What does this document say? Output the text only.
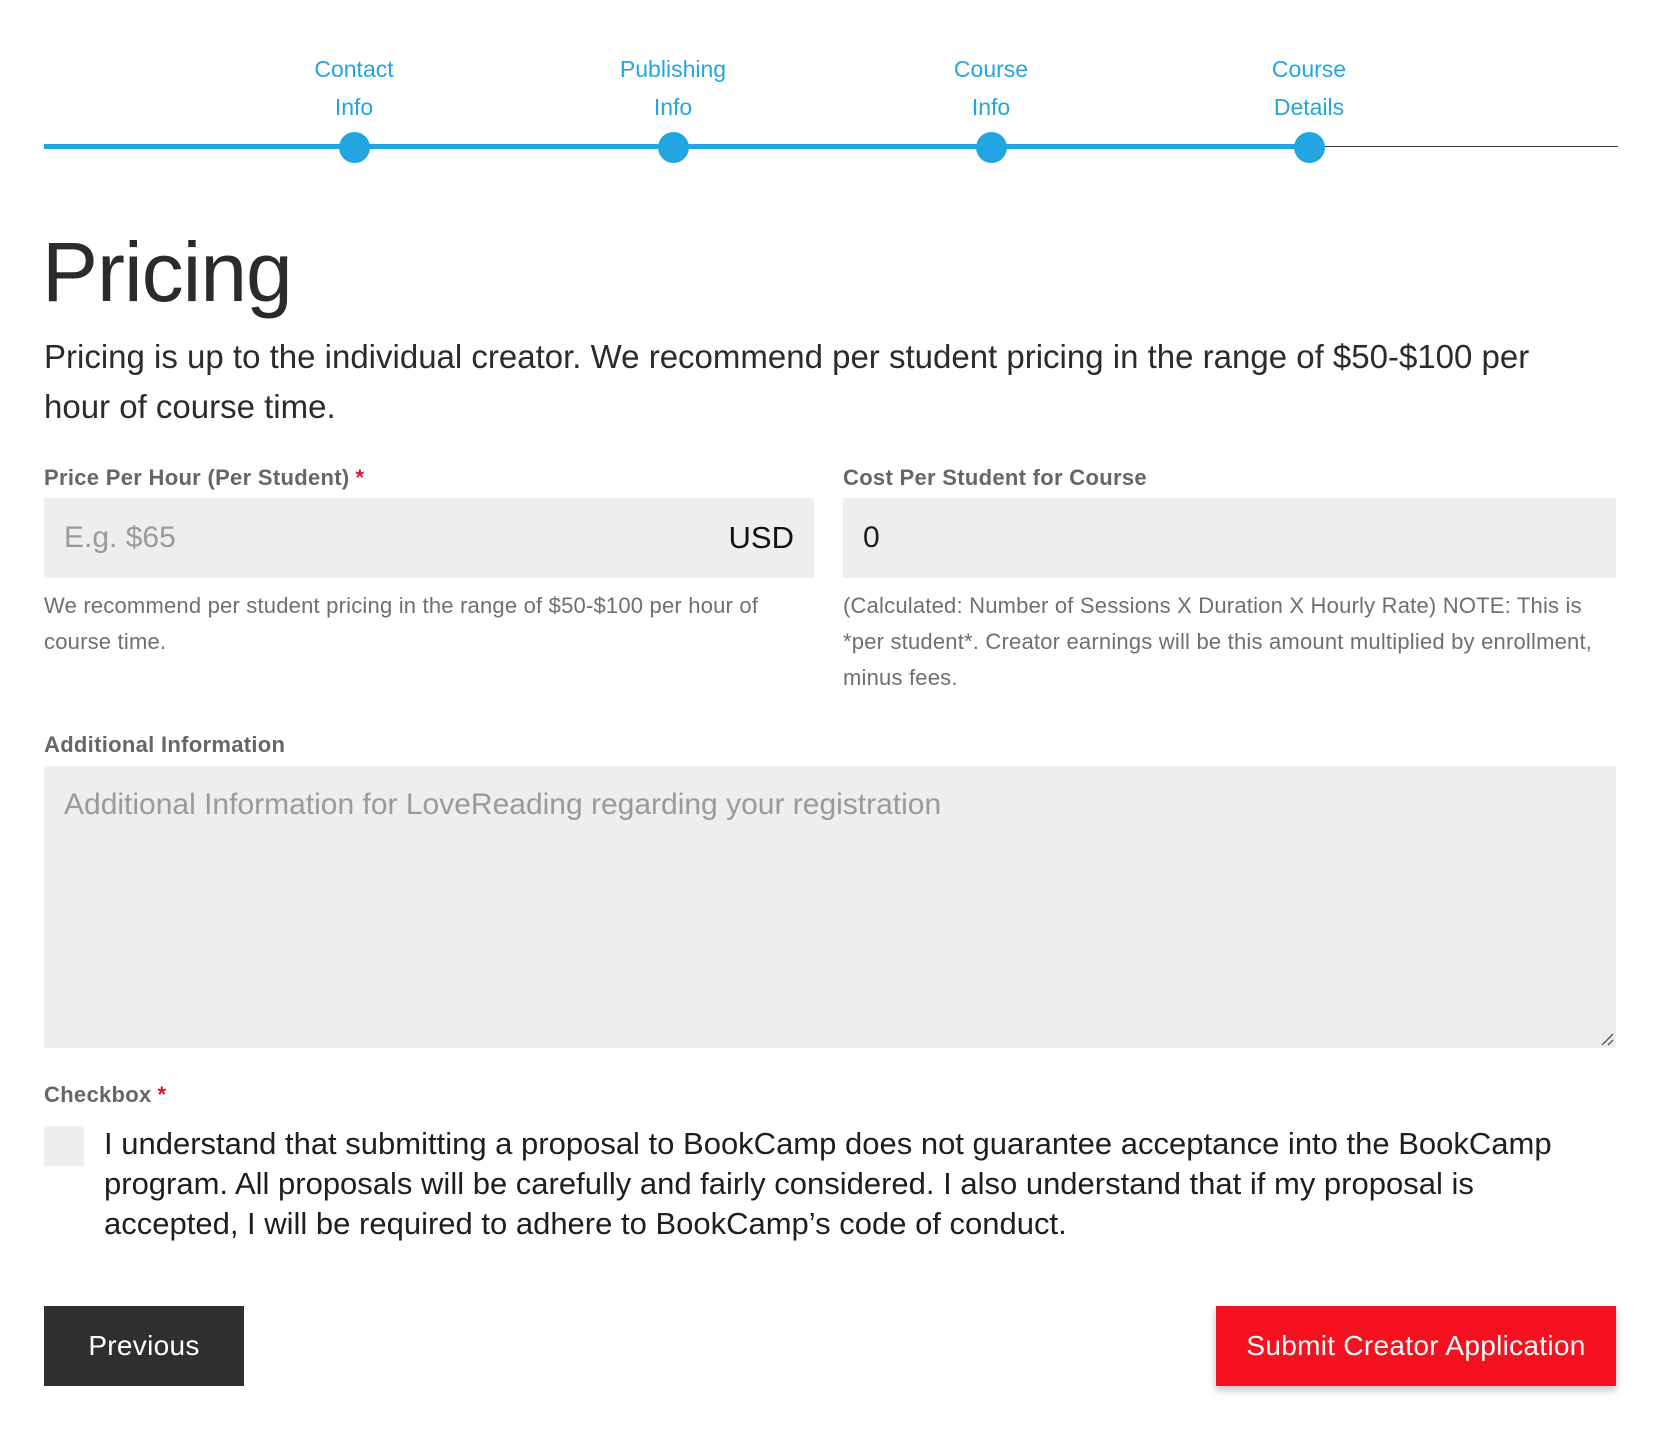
Contact
Info
Publishing
Info
Course
Info
Course
Details
Pricing

Pricing is up to the individual creator. We recommend per student pricing in the range of $50-$100 per hour of course time.

Price Per Hour (Per Student) *
E.g. $65
USD
We recommend per student pricing in the range of $50-$100 per hour of course time.
Cost Per Student for Course
0
(Calculated: Number of Sessions X Duration X Hourly Rate) NOTE: This is *per student*. Creator earnings will be this amount multiplied by enrollment, minus fees.
Additional Information
Additional Information for LoveReading regarding your registration
Checkbox *
I understand that submitting a proposal to BookCamp does not guarantee acceptance into the BookCamp program. All proposals will be carefully and fairly considered. I also understand that if my proposal is accepted, I will be required to adhere to BookCamp’s code of conduct.
Previous	Submit Creator Application
